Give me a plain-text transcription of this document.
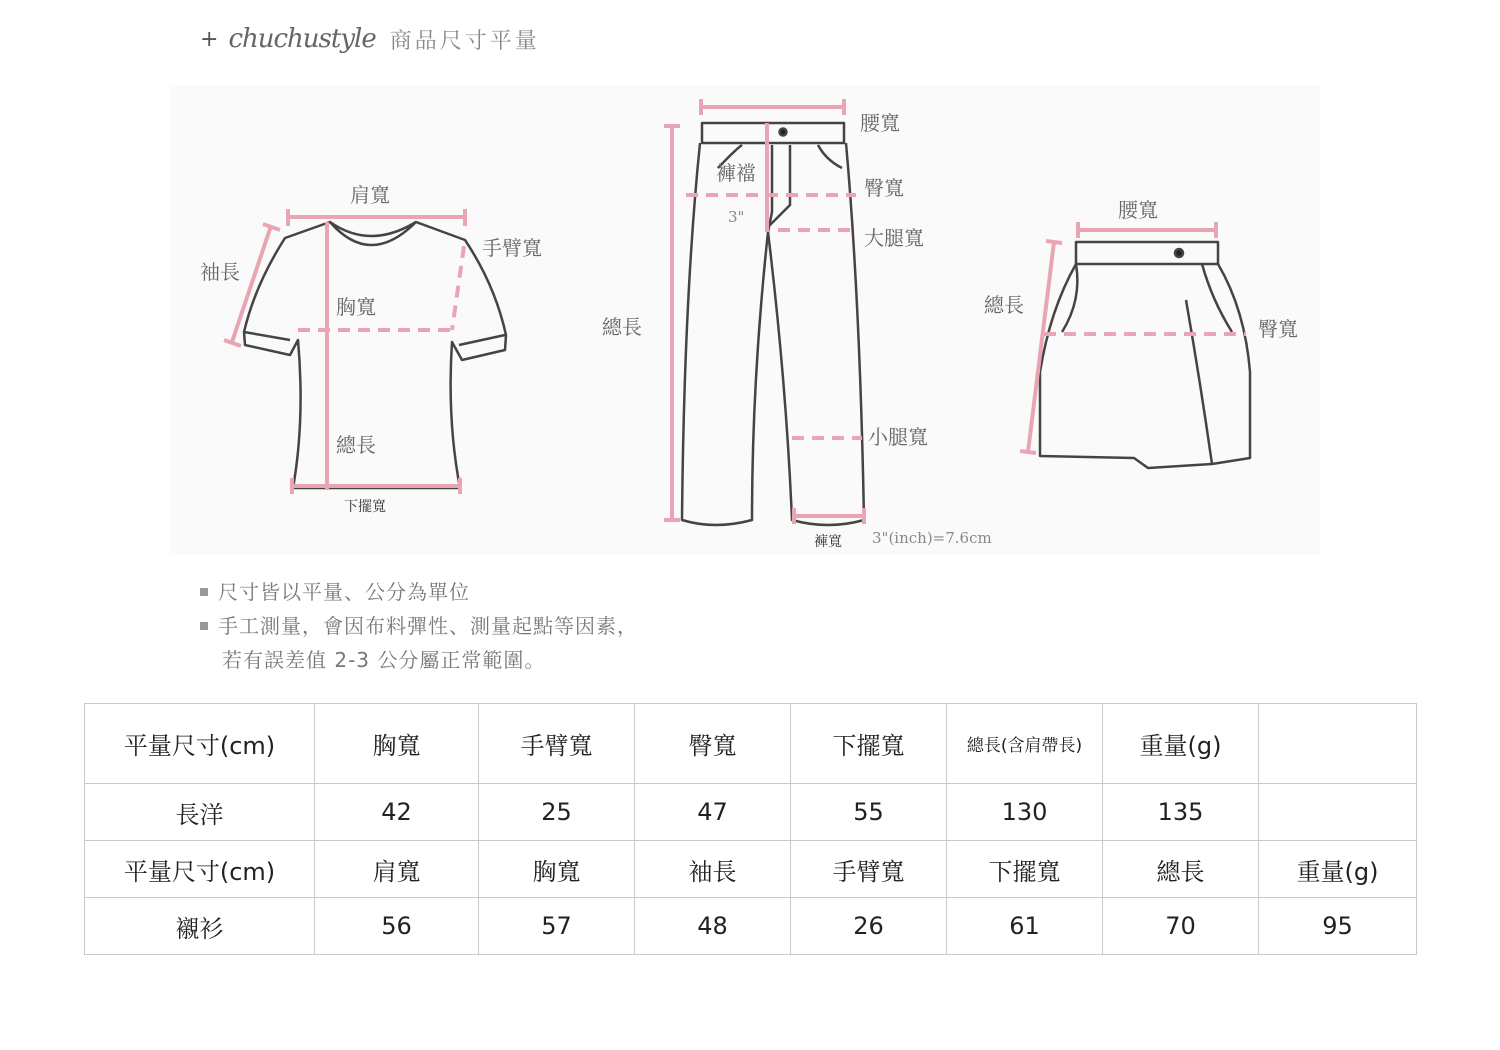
+ chuchustyle 商品尺寸平量
肩寬
手臂寬
袖長
胸寬
總長
下擺寬
腰寬
褲襠
臀寬
3"
大腿寬
總長
小腿寬
褲寬 3"(inch)=7.6cm
腰寬
總長
臀寬
尺寸皆以平量、公分為單位
手工測量，會因布料彈性、測量起點等因素，
若有誤差值 2-3 公分屬正常範圍。
平量尺寸(cm)	胸寬	手臂寬	臀寬	下擺寬	總長(含肩帶長)	重量(g)	
長洋	42	25	47	55	130	135	
平量尺寸(cm)	肩寬	胸寬	袖長	手臂寬	下擺寬	總長	重量(g)
襯衫	56	57	48	26	61	70	95
